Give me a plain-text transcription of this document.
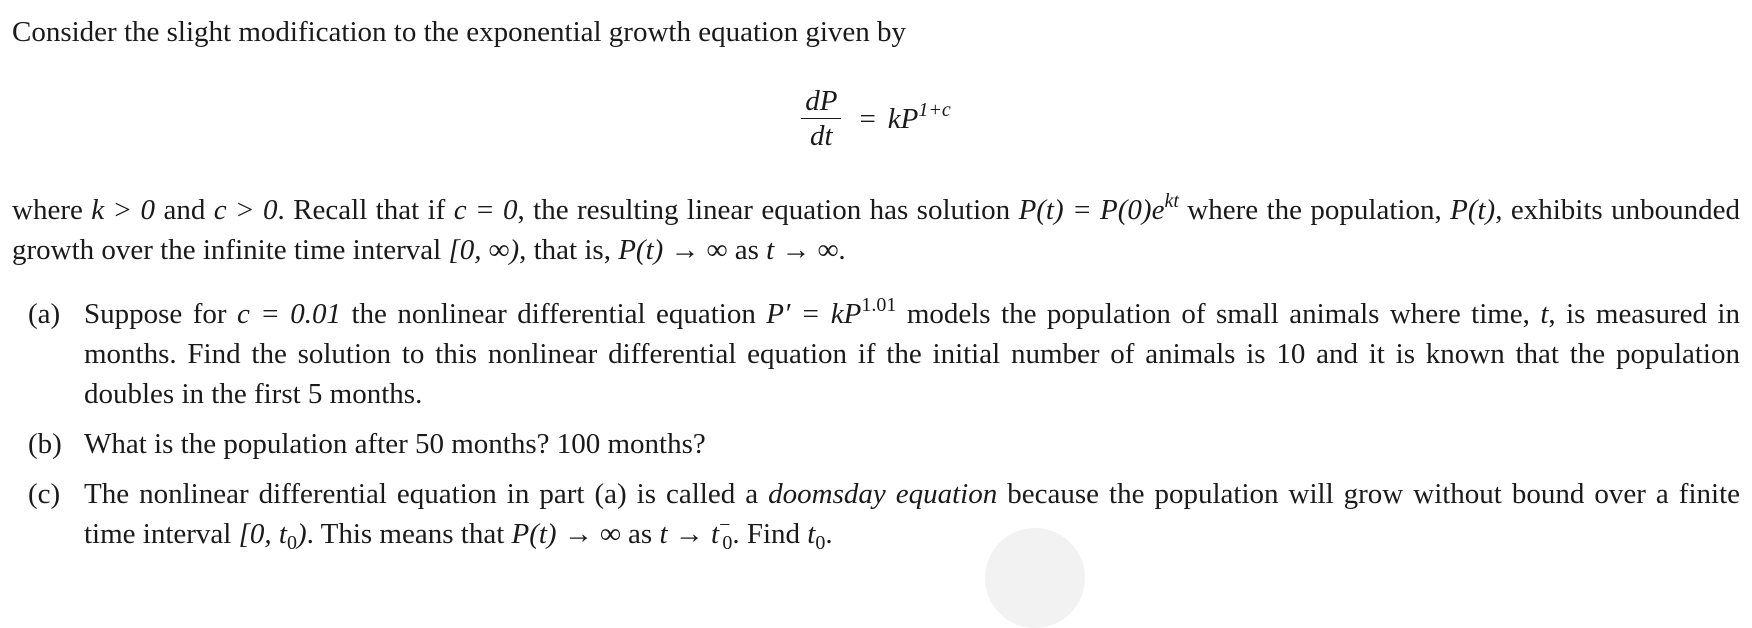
Consider the slight modification to the exponential growth equation given by
$\frac{dP}{dt} = kP^{1+c}$
where k > 0 and c > 0. Recall that if c = 0, the resulting linear equation has solution $P(t) = P(0)e^{kt}$ where the population, P(t), exhibits unbounded growth over the infinite time interval [0, ∞), that is, P(t) → ∞ as t → ∞.
(a) Suppose for c = 0.01 the nonlinear differential equation $P' = kP^{1.01}$ models the population of small animals where time, t, is measured in months. Find the solution to this nonlinear differential equation if the initial number of animals is 10 and it is known that the population doubles in the first 5 months.
(b) What is the population after 50 months? 100 months?
(c) The nonlinear differential equation in part (a) is called a doomsday equation because the population will grow without bound over a finite time interval [0, $t_0$). This means that P(t) → ∞ as $t \to t^-_0$. Find $t_0$.
